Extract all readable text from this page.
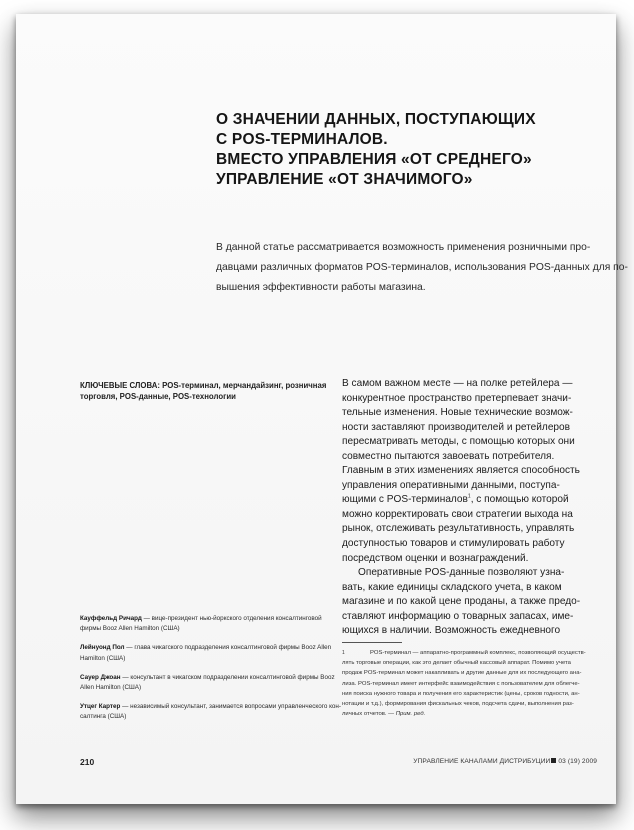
О ЗНАЧЕНИИ ДАННЫХ, ПОСТУПАЮЩИХ
С POS-ТЕРМИНАЛОВ.
ВМЕСТО УПРАВЛЕНИЯ «ОТ СРЕДНЕГО»
УПРАВЛЕНИЕ «ОТ ЗНАЧИМОГО»
В данной статье рассматривается возможность применения розничными про-
давцами различных форматов POS-терминалов, использования POS-данных для по-
вышения эффективности работы магазина.
КЛЮЧЕВЫЕ СЛОВА: POS-терминал, мерчандайзинг, розничная
торговля, POS-данные, POS-технологии
В самом важном месте — на полке ретейлера —
конкурентное пространство претерпевает значи-
тельные изменения. Новые технические возмож-
ности заставляют производителей и ретейлеров
пересматривать методы, с помощью которых они
совместно пытаются завоевать потребителя.
Главным в этих изменениях является способность
управления оперативными данными, поступа-
ющими с POS-терминалов$^1$, с помощью которой
можно корректировать свои стратегии выхода на
рынок, отслеживать результативность, управлять
доступностью товаров и стимулировать работу
посредством оценки и вознаграждений.
Оперативные POS-данные позволяют узна-
вать, какие единицы складского учета, в каком
магазине и по какой цене проданы, а также предо-
ставляют информацию о товарных запасах, име-
ющихся в наличии. Возможность ежедневного
Кауффельд Ричард — вице-президент нью-йоркского отделения консалтинговой
фирмы Booz Allen Hamilton (США)
Лейнуонд Пол — глава чикагского подразделения консалтинговой фирмы Booz Allen
Hamilton (США)
Сауер Джоан — консультант в чикагском подразделении консалтинговой фирмы Booz
Allen Hamilton (США)
Утцег Картер — независимый консультант, занимается вопросами управленческого кон-
салтинга (США)
1	POS-терминал — аппаратно-программный комплекс, позволяющий осуществ-
лять торговые операции, как это делает обычный кассовый аппарат. Помимо учета
продаж POS-терминал может накапливать и другие данные для их последующего ана-
лиза. POS-терминал имеет интерфейс взаимодействия с пользователем для облегче-
ния поиска нужного товара и получения его характеристик (цены, сроков годности, ан-
нотации и т.д.), формирования фискальных чеков, подсчета сдачи, выполнения раз-
личных отчетов. — Прим. ред.
210	УПРАВЛЕНИЕ КАНАЛАМИ ДИСТРИБУЦИИ 03 (19) 2009
